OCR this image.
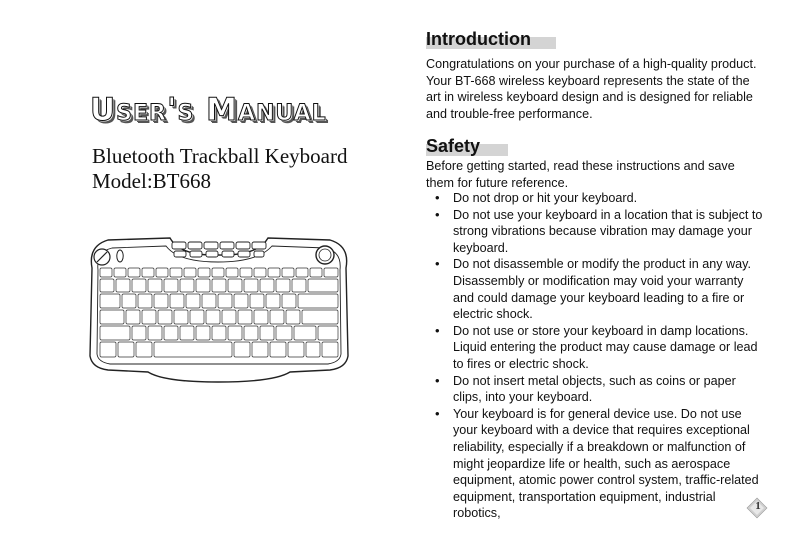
User's Manual
Bluetooth Trackball Keyboard
Model:BT668
Introduction

Congratulations on your purchase of a high-quality product. Your BT-668 wireless keyboard represents the state of the art in wireless keyboard design and is designed for reliable and trouble-free performance.

Safety

Before getting started, read these instructions and save them for future reference.

• Do not drop or hit your keyboard.
• Do not use your keyboard in a location that is subject to strong vibrations because vibration may damage your keyboard.
• Do not disassemble or modify the product in any way. Disassembly or modification may void your warranty and could damage your keyboard leading to a fire or electric shock.
• Do not use or store your keyboard in damp locations. Liquid entering the product may cause damage or lead to fires or electric shock.
• Do not insert metal objects, such as coins or paper clips, into your keyboard.
• Your keyboard is for general device use. Do not use your keyboard with a device that requires exceptional reliability, especially if a breakdown or malfunction of might jeopardize life or health, such as aerospace equipment, atomic power control system, traffic-related equipment, transportation equipment, industrial robotics,
1
